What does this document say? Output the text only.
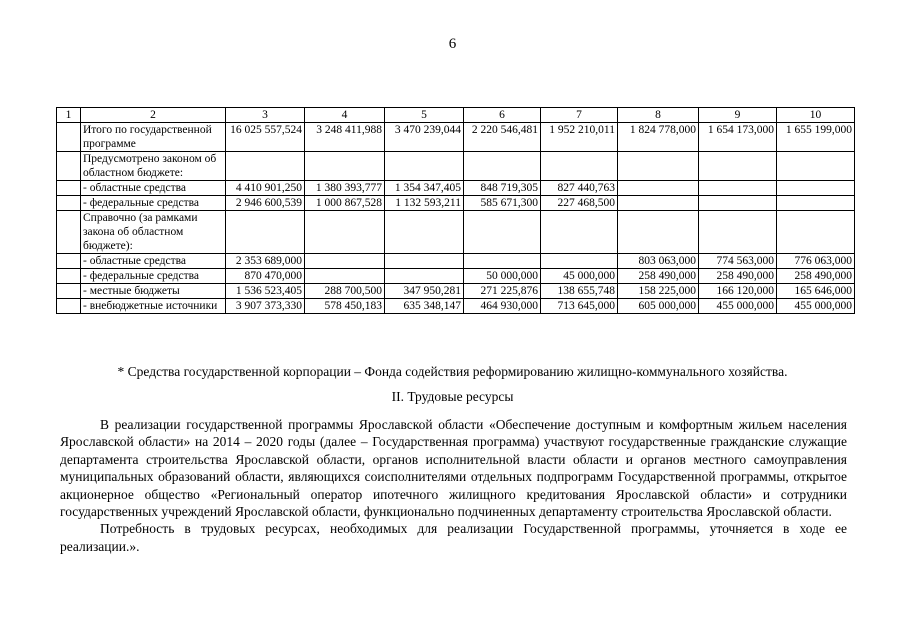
6
1	2	3	4	5	6	7	8	9	10
	Итого по государственной программе	16 025 557,524	3 248 411,988	3 470 239,044	2 220 546,481	1 952 210,011	1 824 778,000	1 654 173,000	1 655 199,000
	Предусмотрено законом об областном бюджете:								
	- областные средства	4 410 901,250	1 380 393,777	1 354 347,405	848 719,305	827 440,763			
	- федеральные средства	2 946 600,539	1 000 867,528	1 132 593,211	585 671,300	227 468,500			
	Справочно (за рамками закона об областном бюджете):								
	- областные средства	2 353 689,000					803 063,000	774 563,000	776 063,000
	- федеральные средства	870 470,000			50 000,000	45 000,000	258 490,000	258 490,000	258 490,000
	- местные бюджеты	1 536 523,405	288 700,500	347 950,281	271 225,876	138 655,748	158 225,000	166 120,000	165 646,000
	- внебюджетные источники	3 907 373,330	578 450,183	635 348,147	464 930,000	713 645,000	605 000,000	455 000,000	455 000,000
* Средства государственной корпорации – Фонда содействия реформированию жилищно-коммунального хозяйства.
II. Трудовые ресурсы

В реализации государственной программы Ярославской области «Обеспечение доступным и комфортным жильем населения Ярославской области» на 2014 – 2020 годы (далее – Государственная программа) участвуют государственные гражданские служащие департамента строительства Ярославской области, органов исполнительной власти области и органов местного самоуправления муниципальных образований области, являющихся соисполнителями отдельных подпрограмм Государственной программы, открытое акционерное общество «Региональный оператор ипотечного жилищного кредитования Ярославской области» и сотрудники государственных учреждений Ярославской области, функционально подчиненных департаменту строительства Ярославской области.

Потребность в трудовых ресурсах, необходимых для реализации Государственной программы, уточняется в ходе ее реализации.».
